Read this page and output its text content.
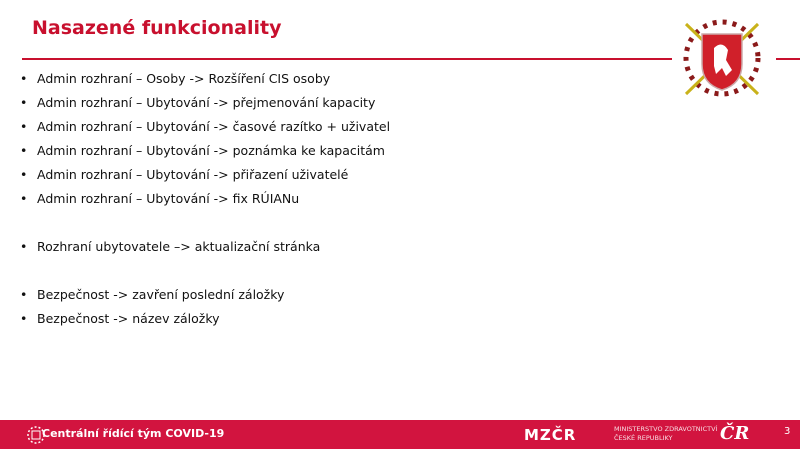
Nasazené funkcionality
• Admin rozhraní – Osoby -> Rozšíření CIS osoby
• Admin rozhraní – Ubytování -> přejmenování kapacity
• Admin rozhraní – Ubytování -> časové razítko + uživatel
• Admin rozhraní – Ubytování -> poznámka ke kapacitám
• Admin rozhraní – Ubytování -> přiřazení uživatelé
• Admin rozhraní – Ubytování -> fix RÚIANu
• Rozhraní ubytovatele –> aktualizační stránka
• Bezpečnost -> zavření poslední záložky
• Bezpečnost -> název záložky
Centrální řídící tým COVID-19	MZČR	MINISTERSTVO ZDRAVOTNICTVÍ
ČESKÉ REPUBLIKY	ČR	3
